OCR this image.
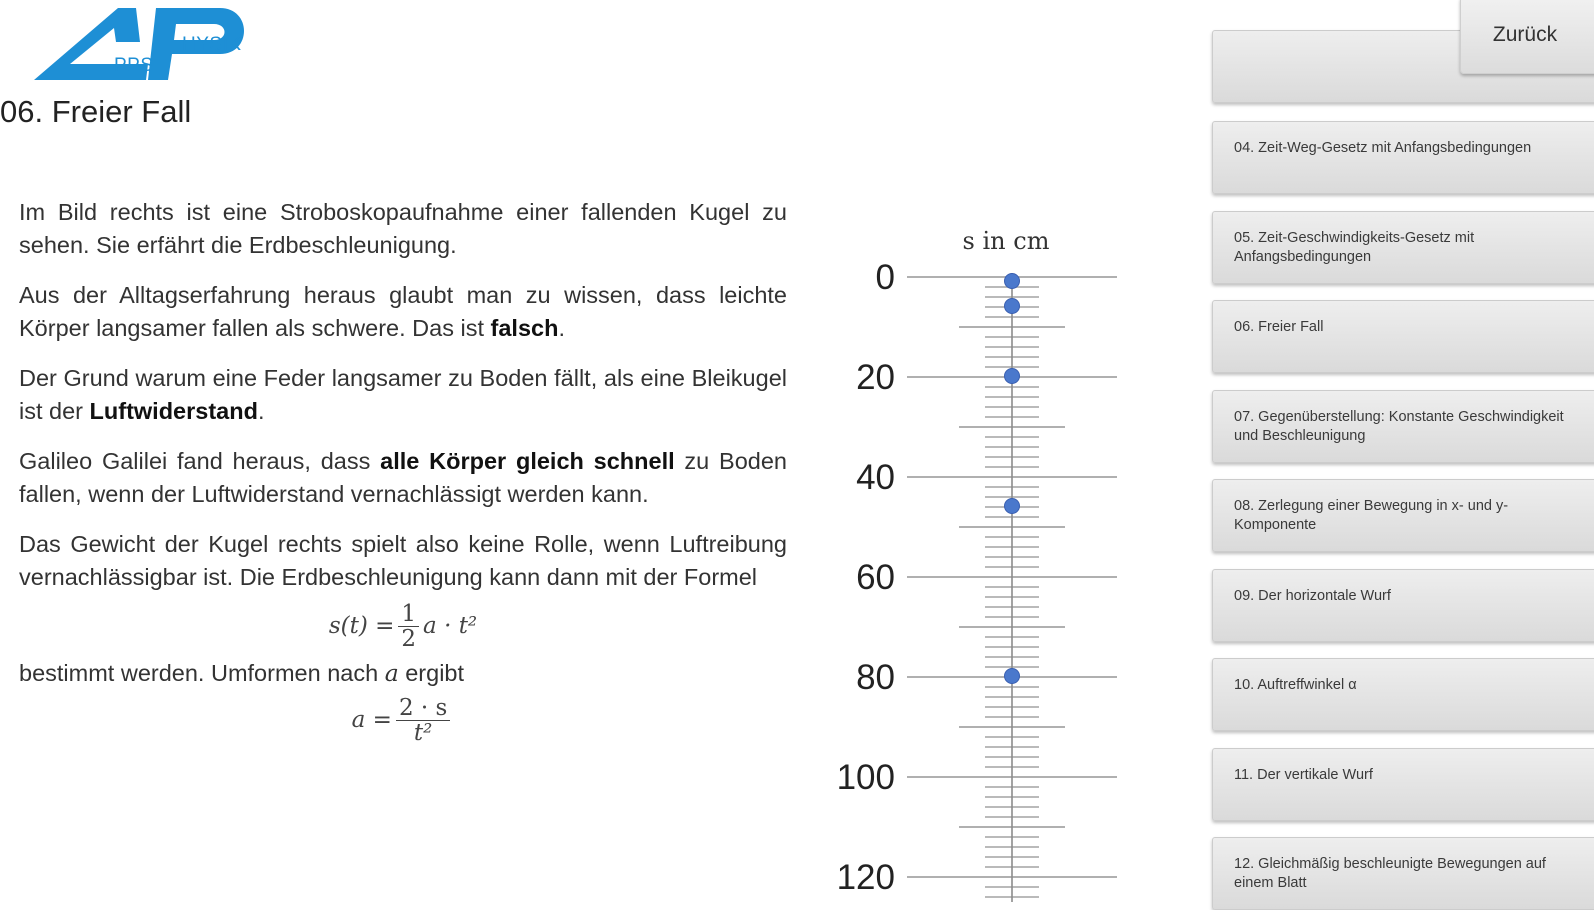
PPS
HYSIK
06. Freier Fall

Im Bild rechts ist eine Stroboskopaufnahme einer fallenden Kugel zu sehen. Sie erfährt die Erdbeschleunigung.

Aus der Alltagserfahrung heraus glaubt man zu wissen, dass leichte Körper langsamer fallen als schwere. Das ist falsch.

Der Grund warum eine Feder langsamer zu Boden fällt, als eine Bleikugel ist der Luftwiderstand.

Galileo Galilei fand heraus, dass alle Körper gleich schnell zu Boden fallen, wenn der Luftwiderstand vernachlässigt werden kann.

Das Gewicht der Kugel rechts spielt also keine Rolle, wenn Luftreibung vernachlässigbar ist. Die Erdbeschleunigung kann dann mit der Formel

$s(t) = \frac{1}{2}$ a · t²

bestimmt werden. Umformen nach a ergibt

$a = \frac{2 \cdot s}{\text{t²}}$
s in cm
0
20
40
60
80
100
120
04. Zeit-Weg-Gesetz mit Anfangsbedingungen
05. Zeit-Geschwindigkeits-Gesetz mit Anfangsbedingungen
06. Freier Fall
07. Gegenüberstellung: Konstante Geschwindigkeit und Beschleunigung
08. Zerlegung einer Bewegung in x- und y-Komponente
09. Der horizontale Wurf
10. Auftreffwinkel α
11. Der vertikale Wurf
12. Gleichmäßig beschleunigte Bewegungen auf einem Blatt
Zurück
